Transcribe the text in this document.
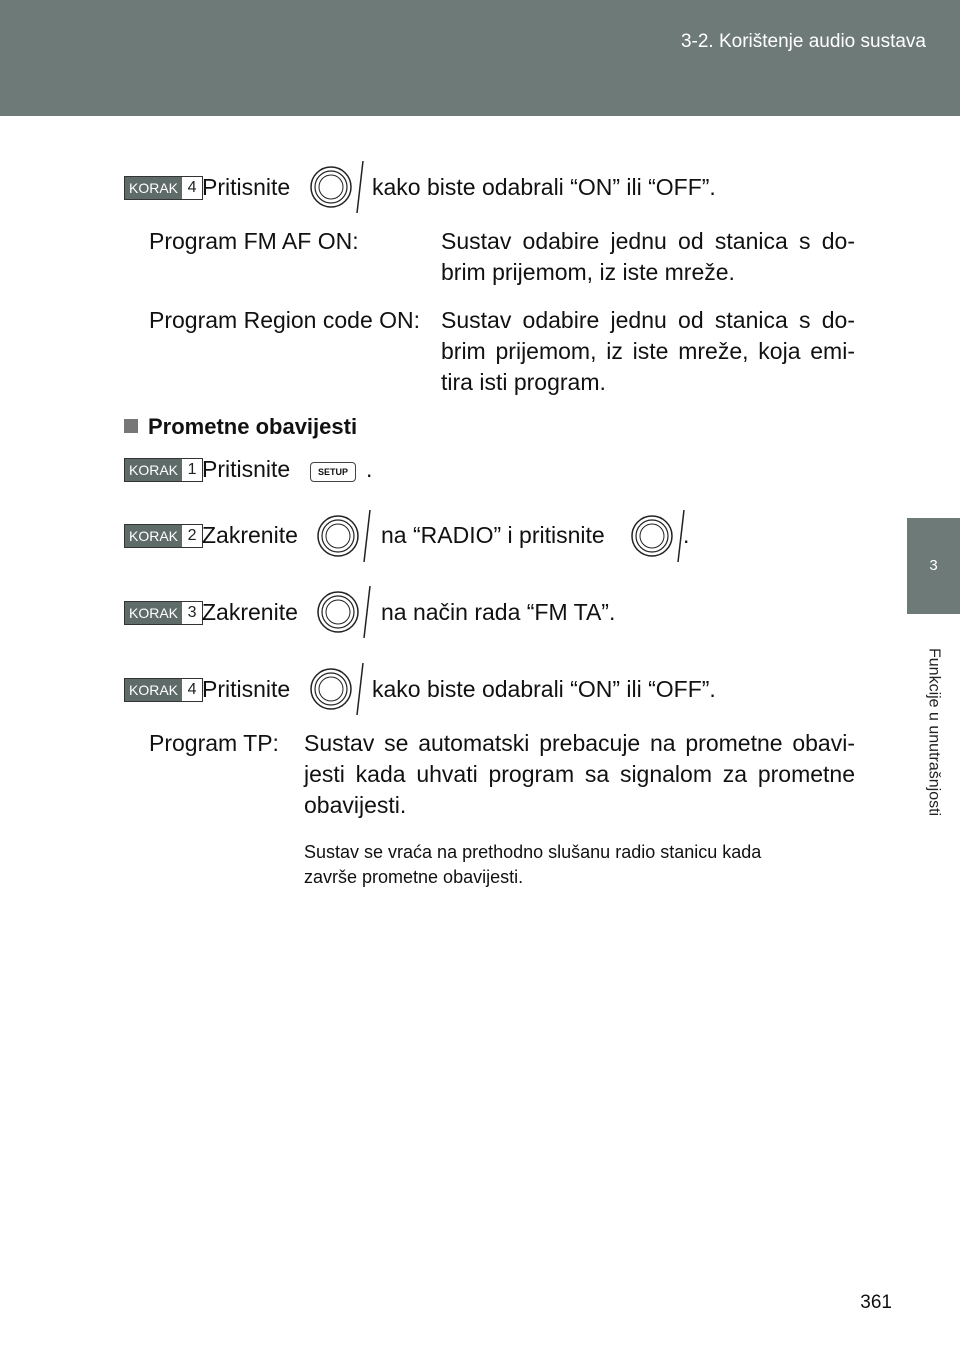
3-2. Korištenje audio sustava
3
Funkcije u unutrašnjosti
KORAK 4 Pritisnite	kako biste odabrali “ON” ili “OFF”.
Program FM AF ON:	Sustav odabire jednu od stanica s do-
brim prijemom, iz iste mreže.
Program Region code ON: Sustav odabire jednu od stanica s do-
brim prijemom, iz iste mreže, koja emi-
tira isti program.
Prometne obavijesti
KORAK 1 Pritisnite	SETUP .
KORAK 2 Zakrenite	na “RADIO” i pritisnite	.
KORAK 3 Zakrenite	na način rada “FM TA”.
KORAK 4 Pritisnite	kako biste odabrali “ON” ili “OFF”.
Program TP: Sustav se automatski prebacuje na prometne obavi-
jesti kada uhvati program sa signalom za prometne
obavijesti.
Sustav se vraća na prethodno slušanu radio stanicu kada
završe prometne obavijesti.
361
